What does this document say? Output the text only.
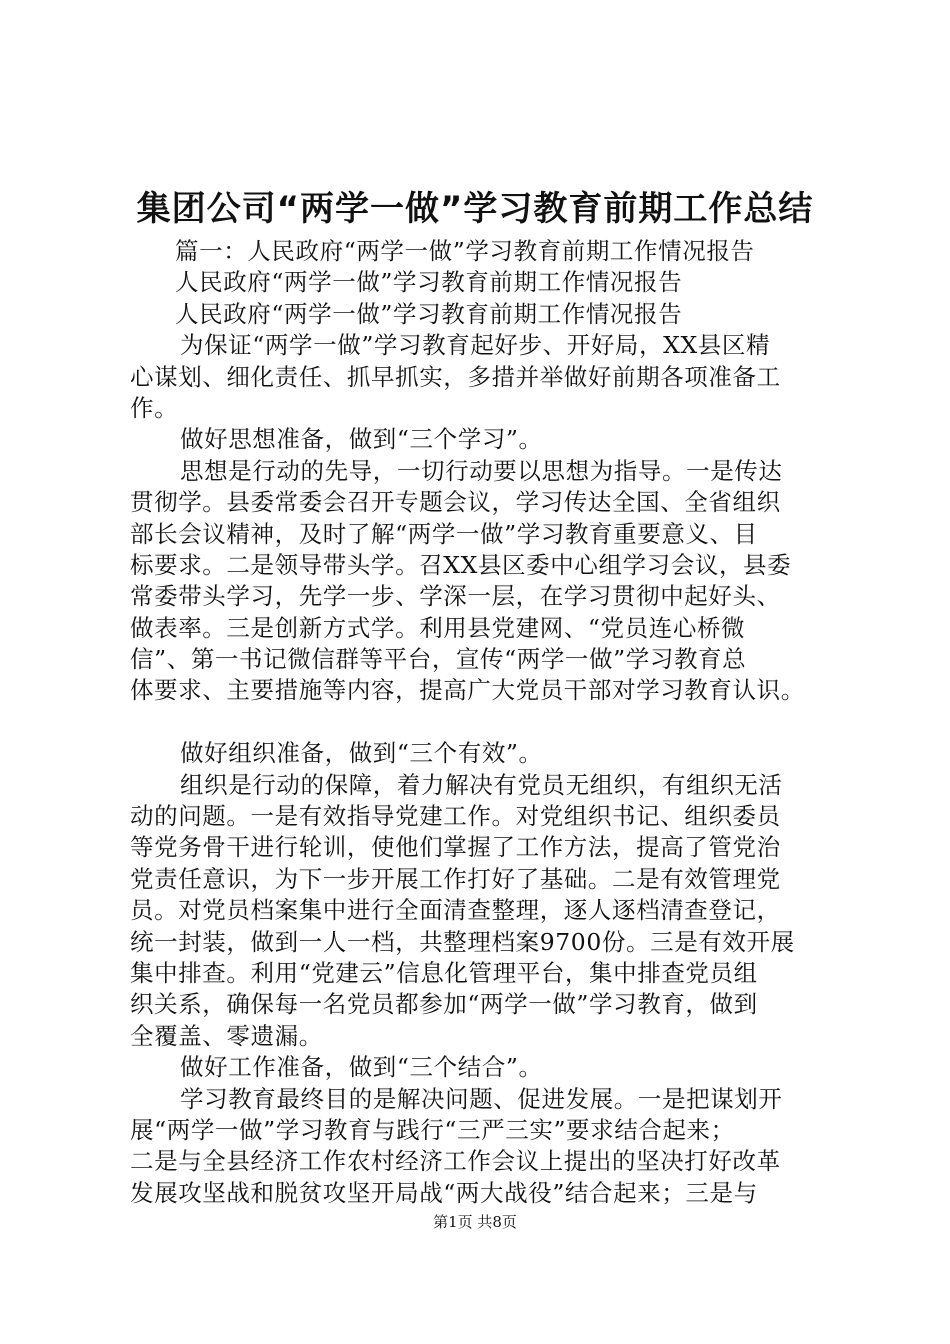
集团公司“两学一做”学习教育前期工作总结
篇一：人民政府“两学一做”学习教育前期工作情况报告
人民政府“两学一做”学习教育前期工作情况报告
人民政府“两学一做”学习教育前期工作情况报告
为保证“两学一做”学习教育起好步、开好局，XX县区精
心谋划、细化责任、抓早抓实，多措并举做好前期各项准备工
作。
做好思想准备，做到“三个学习”。
思想是行动的先导，一切行动要以思想为指导。一是传达
贯彻学。县委常委会召开专题会议，学习传达全国、全省组织
部长会议精神，及时了解“两学一做”学习教育重要意义、目
标要求。二是领导带头学。召XX县区委中心组学习会议，县委
常委带头学习，先学一步、学深一层，在学习贯彻中起好头、
做表率。三是创新方式学。利用县党建网、“党员连心桥微
信”、第一书记微信群等平台，宣传“两学一做”学习教育总
体要求、主要措施等内容，提高广大党员干部对学习教育认识。
做好组织准备，做到“三个有效”。
组织是行动的保障，着力解决有党员无组织，有组织无活
动的问题。一是有效指导党建工作。对党组织书记、组织委员
等党务骨干进行轮训，使他们掌握了工作方法，提高了管党治
党责任意识，为下一步开展工作打好了基础。二是有效管理党
员。对党员档案集中进行全面清查整理，逐人逐档清查登记，
统一封装，做到一人一档，共整理档案9700份。三是有效开展
集中排查。利用“党建云”信息化管理平台，集中排查党员组
织关系，确保每一名党员都参加“两学一做”学习教育，做到
全覆盖、零遗漏。
做好工作准备，做到“三个结合”。
学习教育最终目的是解决问题、促进发展。一是把谋划开
展“两学一做”学习教育与践行“三严三实”要求结合起来；
二是与全县经济工作农村经济工作会议上提出的坚决打好改革
发展攻坚战和脱贫攻坚开局战“两大战役”结合起来；三是与
第1页 共8页
